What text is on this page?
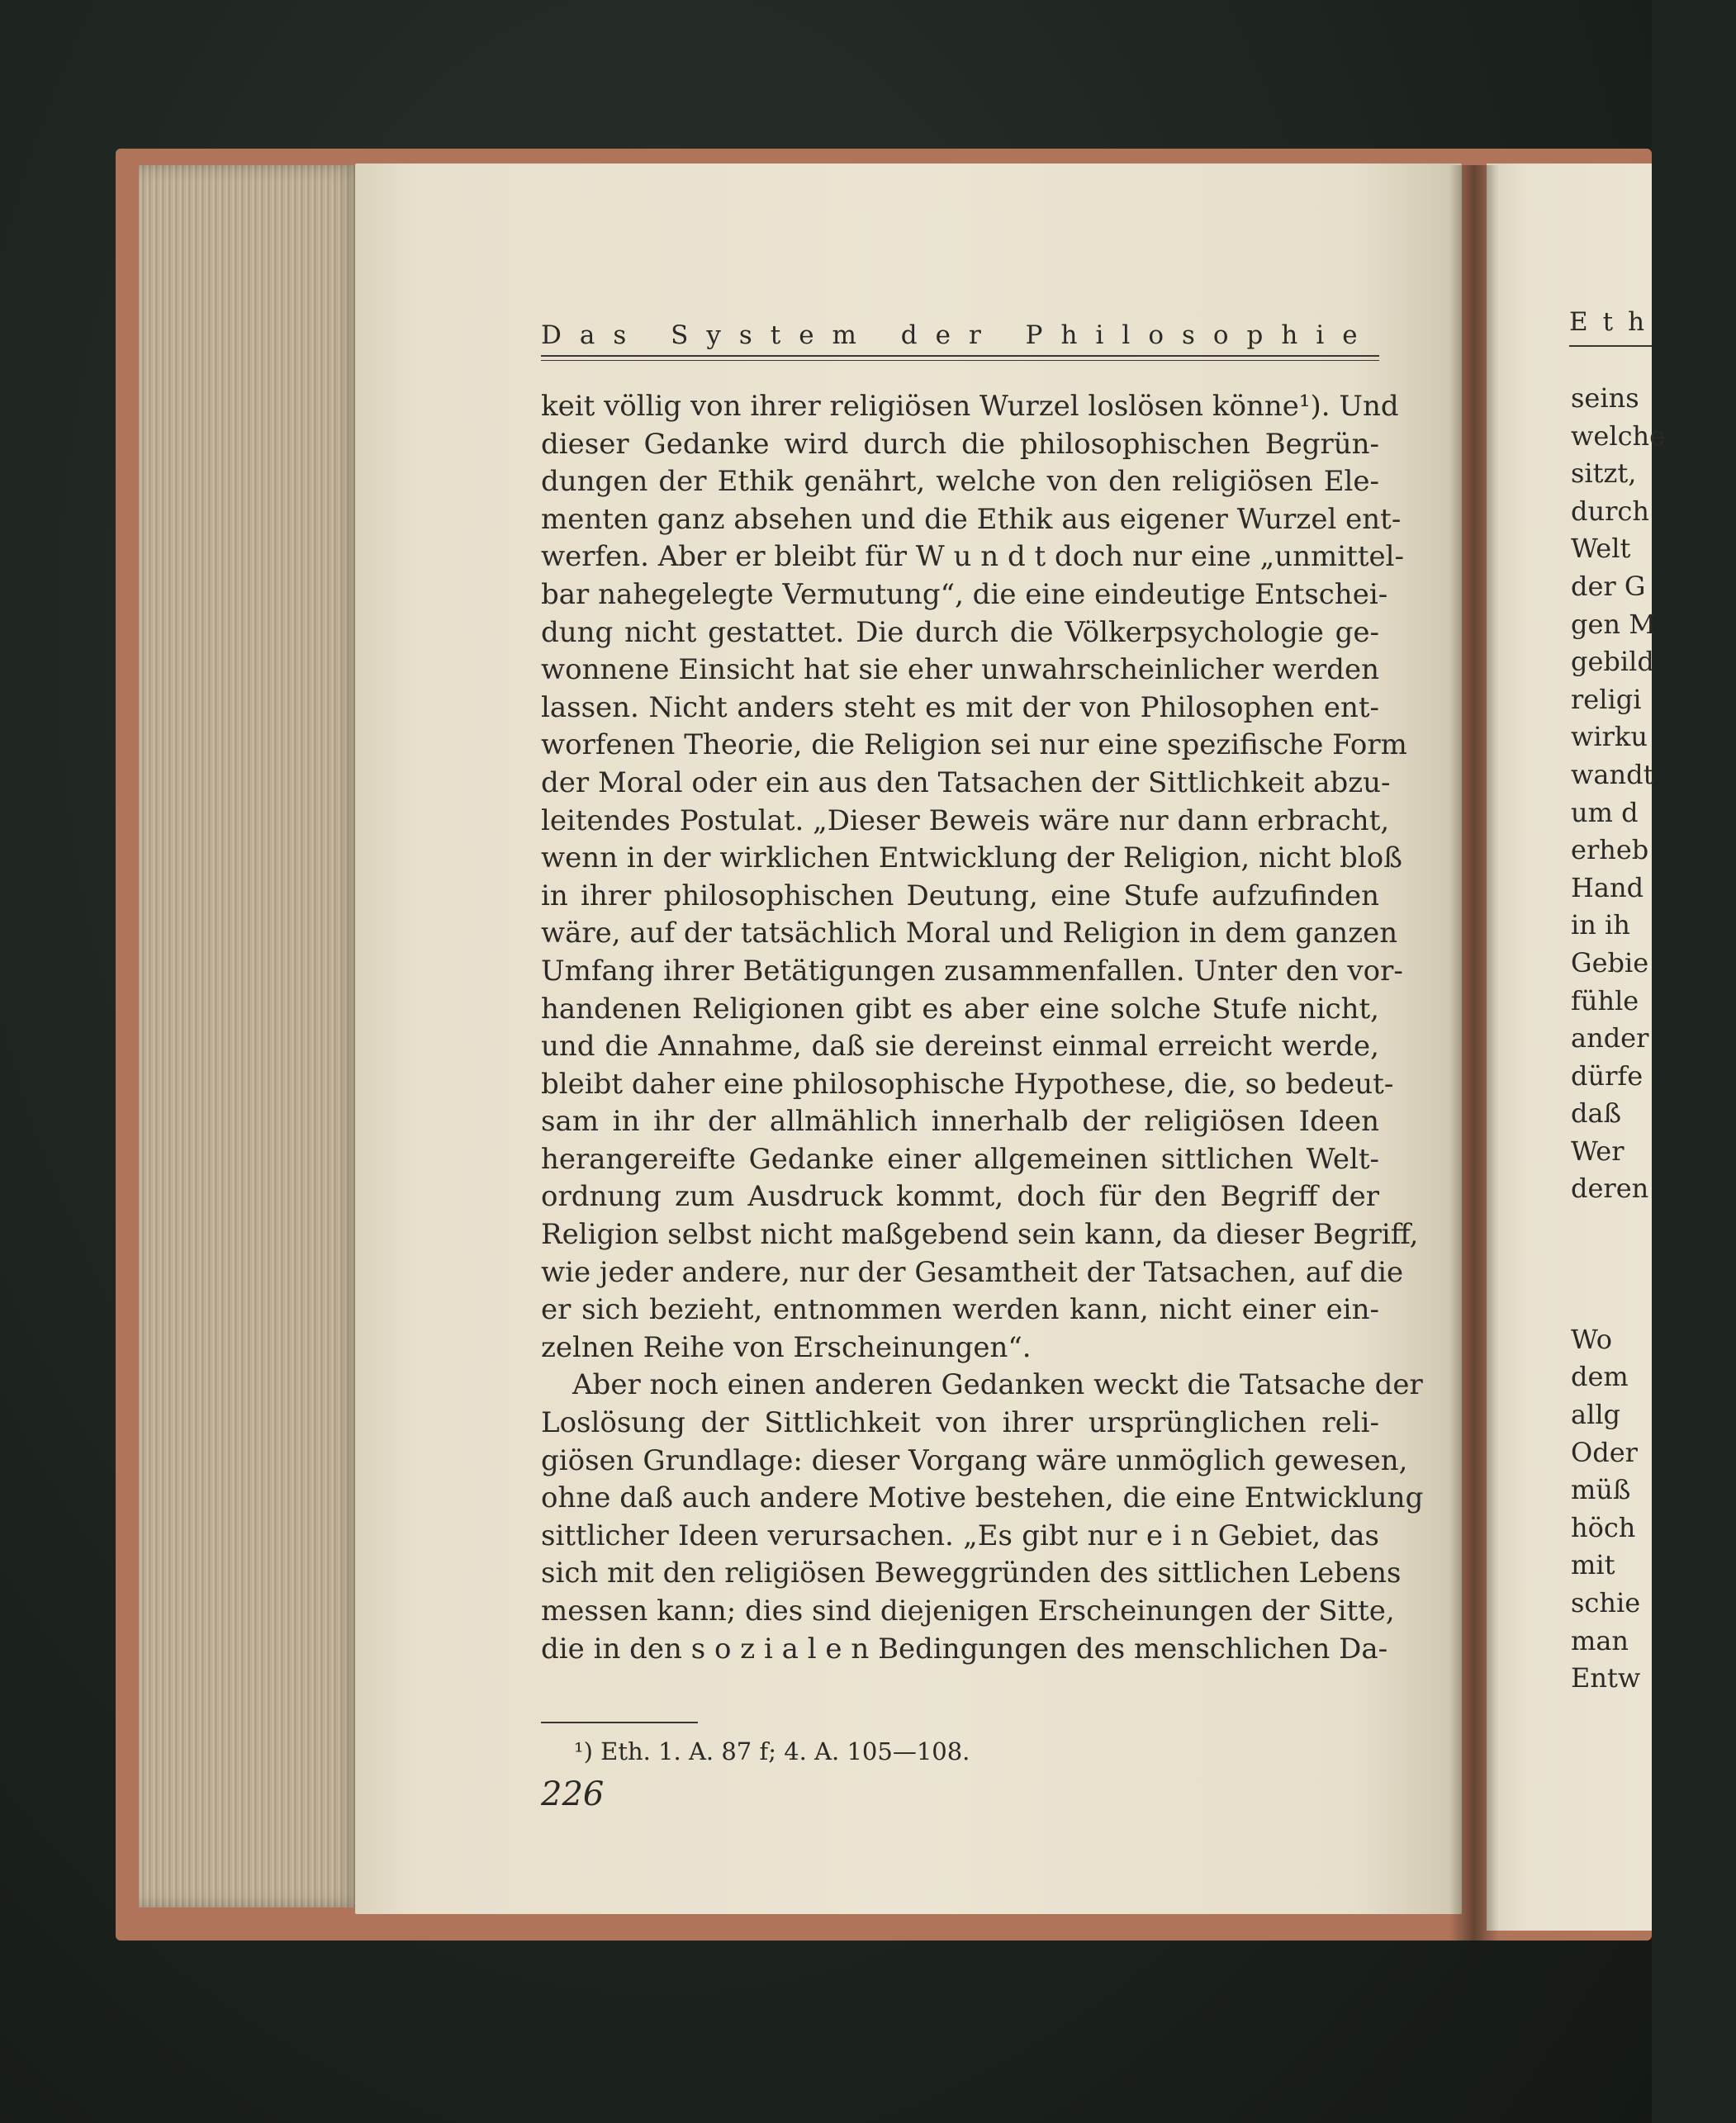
Das System der Philosophie
keit völlig von ihrer religiösen Wurzel loslösen könne¹). Und
dieser Gedanke wird durch die philosophischen Begrün-
dungen der Ethik genährt, welche von den religiösen Ele-
menten ganz absehen und die Ethik aus eigener Wurzel ent-
werfen. Aber er bleibt für W u n d t doch nur eine „unmittel-
bar nahegelegte Vermutung“, die eine eindeutige Entschei-
dung nicht gestattet. Die durch die Völkerpsychologie ge-
wonnene Einsicht hat sie eher unwahrscheinlicher werden
lassen. Nicht anders steht es mit der von Philosophen ent-
worfenen Theorie, die Religion sei nur eine spezifische Form
der Moral oder ein aus den Tatsachen der Sittlichkeit abzu-
leitendes Postulat. „Dieser Beweis wäre nur dann erbracht,
wenn in der wirklichen Entwicklung der Religion, nicht bloß
in ihrer philosophischen Deutung, eine Stufe aufzufinden
wäre, auf der tatsächlich Moral und Religion in dem ganzen
Umfang ihrer Betätigungen zusammenfallen. Unter den vor-
handenen Religionen gibt es aber eine solche Stufe nicht,
und die Annahme, daß sie dereinst einmal erreicht werde,
bleibt daher eine philosophische Hypothese, die, so bedeut-
sam in ihr der allmählich innerhalb der religiösen Ideen
herangereifte Gedanke einer allgemeinen sittlichen Welt-
ordnung zum Ausdruck kommt, doch für den Begriff der
Religion selbst nicht maßgebend sein kann, da dieser Begriff,
wie jeder andere, nur der Gesamtheit der Tatsachen, auf die
er sich bezieht, entnommen werden kann, nicht einer ein-
zelnen Reihe von Erscheinungen“.
Aber noch einen anderen Gedanken weckt die Tatsache der
Loslösung der Sittlichkeit von ihrer ursprünglichen reli-
giösen Grundlage: dieser Vorgang wäre unmöglich gewesen,
ohne daß auch andere Motive bestehen, die eine Entwicklung
sittlicher Ideen verursachen. „Es gibt nur e i n Gebiet, das
sich mit den religiösen Beweggründen des sittlichen Lebens
messen kann; dies sind diejenigen Erscheinungen der Sitte,
die in den s o z i a l e n Bedingungen des menschlichen Da-
¹) Eth. 1. A. 87 f; 4. A. 105—108.
226
Eth
seins
welche
sitzt,
durch
Welt
der G
gen M
gebild
religi
wirku
wandt
um d
erheb
Hand
in ih
Gebie
fühle
ander
dürfe
daß
Wer
deren
Wo
dem
allg
Oder
müß
höch
mit
schie
man
Entw
